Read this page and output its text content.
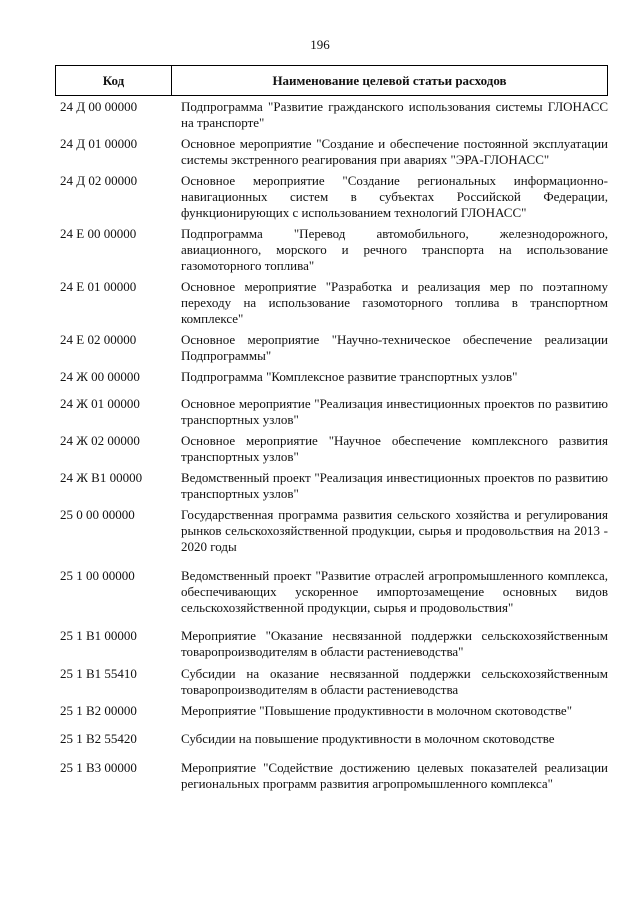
196
Код	Наименование целевой статьи расходов
24 Д 00 00000	Подпрограмма "Развитие гражданского использования системы ГЛОНАСС на транспорте"
24 Д 01 00000	Основное мероприятие "Создание и обеспечение постоянной эксплуатации системы экстренного реагирования при авариях "ЭРА-ГЛОНАСС"
24 Д 02 00000	Основное мероприятие "Создание региональных информационно-навигационных систем в субъектах Российской Федерации, функционирующих с использованием технологий ГЛОНАСС"
24 Е 00 00000	Подпрограмма "Перевод автомобильного, железнодорожного, авиационного, морского и речного транспорта на использование газомоторного топлива"
24 Е 01 00000	Основное мероприятие "Разработка и реализация мер по поэтапному переходу на использование газомоторного топлива в транспортном комплексе"
24 Е 02 00000	Основное мероприятие "Научно-техническое обеспечение реализации Подпрограммы"
24 Ж 00 00000	Подпрограмма "Комплексное развитие транспортных узлов"
24 Ж 01 00000	Основное мероприятие "Реализация инвестиционных проектов по развитию транспортных узлов"
24 Ж 02 00000	Основное мероприятие "Научное обеспечение комплексного развития транспортных узлов"
24 Ж В1 00000	Ведомственный проект "Реализация инвестиционных проектов по развитию транспортных узлов"
25 0 00 00000	Государственная программа развития сельского хозяйства и регулирования рынков сельскохозяйственной продукции, сырья и продовольствия на 2013 - 2020 годы
25 1 00 00000	Ведомственный проект "Развитие отраслей агропромышленного комплекса, обеспечивающих ускоренное импортозамещение основных видов сельскохозяйственной продукции, сырья и продовольствия"
25 1 В1 00000	Мероприятие "Оказание несвязанной поддержки сельскохозяйственным товаропроизводителям в области растениеводства"
25 1 В1 55410	Субсидии на оказание несвязанной поддержки сельскохозяйственным товаропроизводителям в области растениеводства
25 1 В2 00000	Мероприятие "Повышение продуктивности в молочном скотоводстве"
25 1 В2 55420	Субсидии на повышение продуктивности в молочном скотоводстве
25 1 В3 00000	Мероприятие "Содействие достижению целевых показателей реализации региональных программ развития агропромышленного комплекса"
